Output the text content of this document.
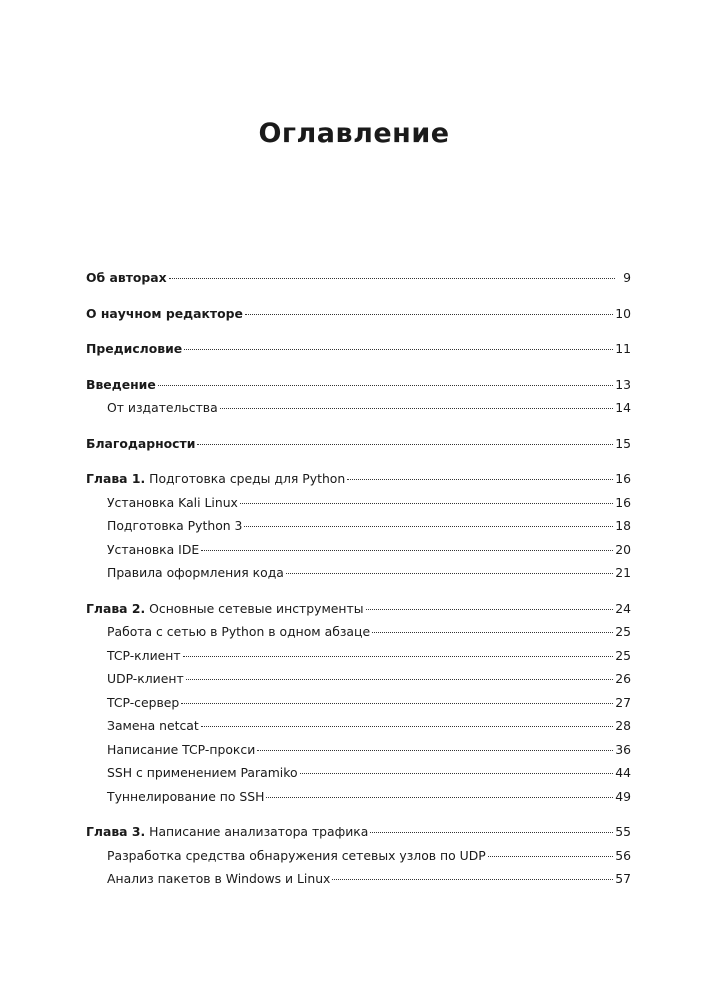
Оглавление
Об авторах	9
О научном редакторе	10
Предисловие	11
Введение	13
От издательства	14
Благодарности	15
Глава 1. Подготовка среды для Python	16
Установка Kali Linux	16
Подготовка Python 3	18
Установка IDE	20
Правила оформления кода	21
Глава 2. Основные сетевые инструменты	24
Работа с сетью в Python в одном абзаце	25
TCP-клиент	25
UDP-клиент	26
TCP-сервер	27
Замена netcat	28
Написание TCP-прокси	36
SSH с применением Paramiko	44
Туннелирование по SSH	49
Глава 3. Написание анализатора трафика	55
Разработка средства обнаружения сетевых узлов по UDP	56
Анализ пакетов в Windows и Linux	57
